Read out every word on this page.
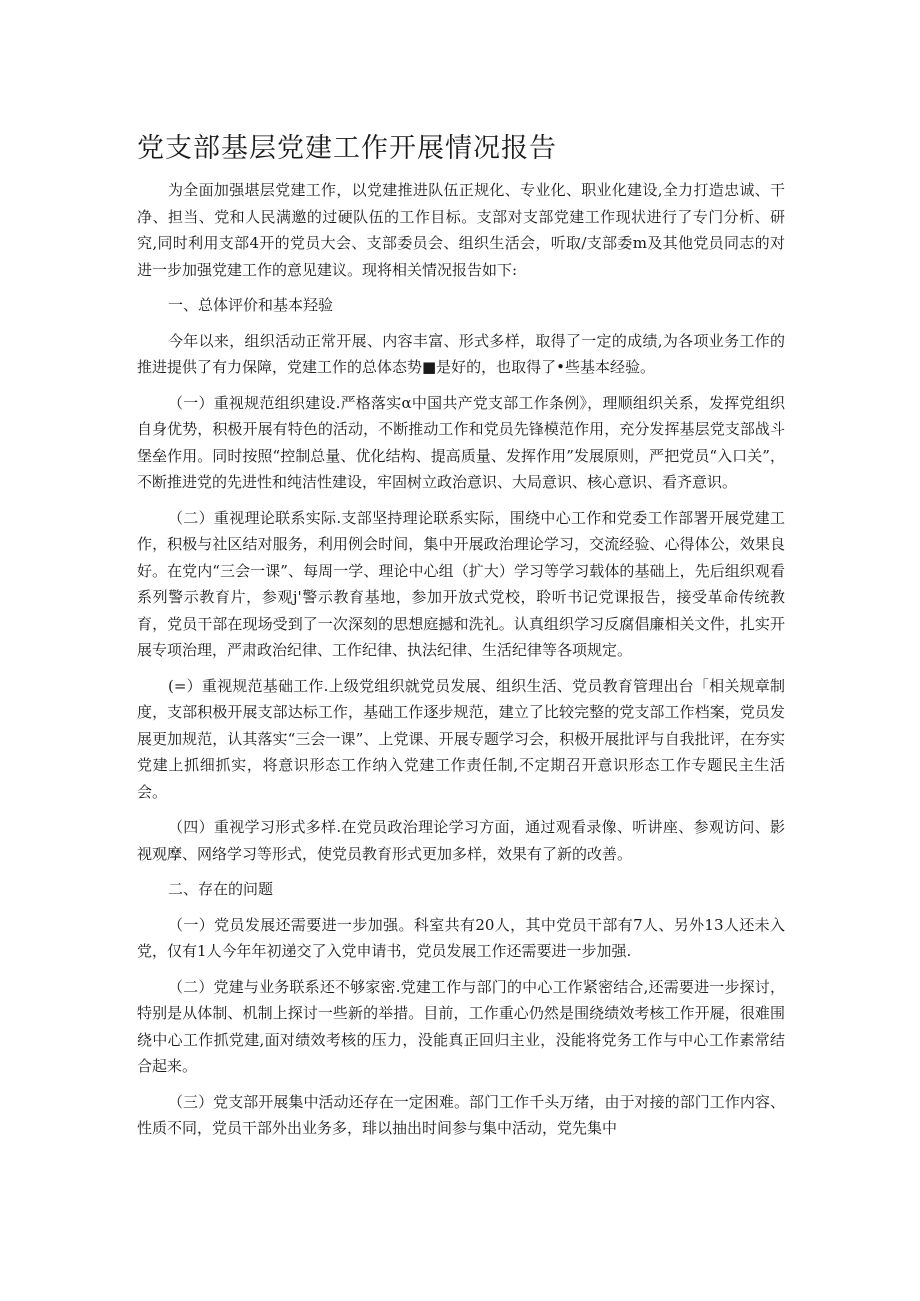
党支部基层党建工作开展情况报告

为全面加强堪层党建工作，以党建推进队伍正规化、专业化、职业化建设,全力打造忠诚、干净、担当、党和人民满邀的过硬队伍的工作目标。支部对支部党建工作现状进行了专门分析、研究,同时利用支部4开的党员大会、支部委员会、组织生活会，听取/支部委m及其他党员同志的对进一步加强党建工作的意见建议。现将相关情况报告如下:

一、总体评价和基本羟验

今年以来，组织活动正常开展、内容丰富、形式多样，取得了一定的成绩,为各项业务工作的推进提供了有力保障，党建工作的总体态势■是好的，也取得了•些基本经验。

（一）重视规范组织建设.严格落实α中国共产党支部工作条例》，理顺组织关系，发挥党组织自身优势，积极开展有特色的活动，不断推动工作和党员先锋模范作用，充分发挥基层党支部战斗堡垒作用。同时按照“控制总量、优化结构、提高质量、发挥作用”发展原则，严把党员“入口关”，不断推进党的先进性和纯洁性建设，牢固树立政治意识、大局意识、核心意识、看齐意识。

（二）重视理论联系实际.支部坚持理论联系实际，围绕中心工作和党委工作部署开展党建工作，积极与社区结对服务，利用例会时间，集中开展政治理论学习，交流经验、心得体公，效果良好。在党内“三会一课”、每周一学、理论中心组（扩大）学习等学习载体的基础上，先后组织观看系列警示教育片，参观j'警示教育基地，参加开放式党校，聆听书记党课报告，接受革命传统教育，党员干部在现场受到了一次深刻的思想庭撼和洗礼。认真组织学习反腐倡廉相关文件，扎实开展专项治理，严肃政治纪律、工作纪律、执法纪律、生活纪律等各项规定。

(=）重视规范基础工作.上级党组织就党员发展、组织生活、党员教育管理出台「相关规章制度，支部积极开展支部达标工作，基础工作逐步规范，建立了比较完整的党支部工作档案，党员发展更加规范，认其落实“三会一课”、上党课、开展专题学习会，积极开展批评与自我批评，在夯实党建上抓细抓实，将意识形态工作纳入党建工作责任制,不定期召开意识形态工作专题民主生活会。

（四）重视学习形式多样.在党员政治理论学习方面，通过观看录像、听讲座、参观访问、影视观摩、网络学习等形式，使党员教育形式更加多样，效果有了新的改善。

二、存在的问题

（一）党员发展还需要进一步加强。科室共有20人，其中党员干部有7人、另外13人还未入党，仅有1人今年年初递交了入党申请书，党员发展工作还需要进一步加强.

（二）党建与业务联系还不够家密.党建工作与部门的中心工作紧密结合,还需要进一步探讨，特别是从体制、机制上探讨一些新的举措。目前，工作重心仍然是围绕绩效考核工作开屣，很难围绕中心工作抓党建,面对绩效考核的压力，没能真正回归主业，没能将党务工作与中心工作素常结合起来。

（三）党支部开展集中活动还存在一定困难。部门工作千头万绪，由于对接的部门工作内容、性质不同，党员干部外出业务多，琲以抽出时间参与集中活动，党先集中
